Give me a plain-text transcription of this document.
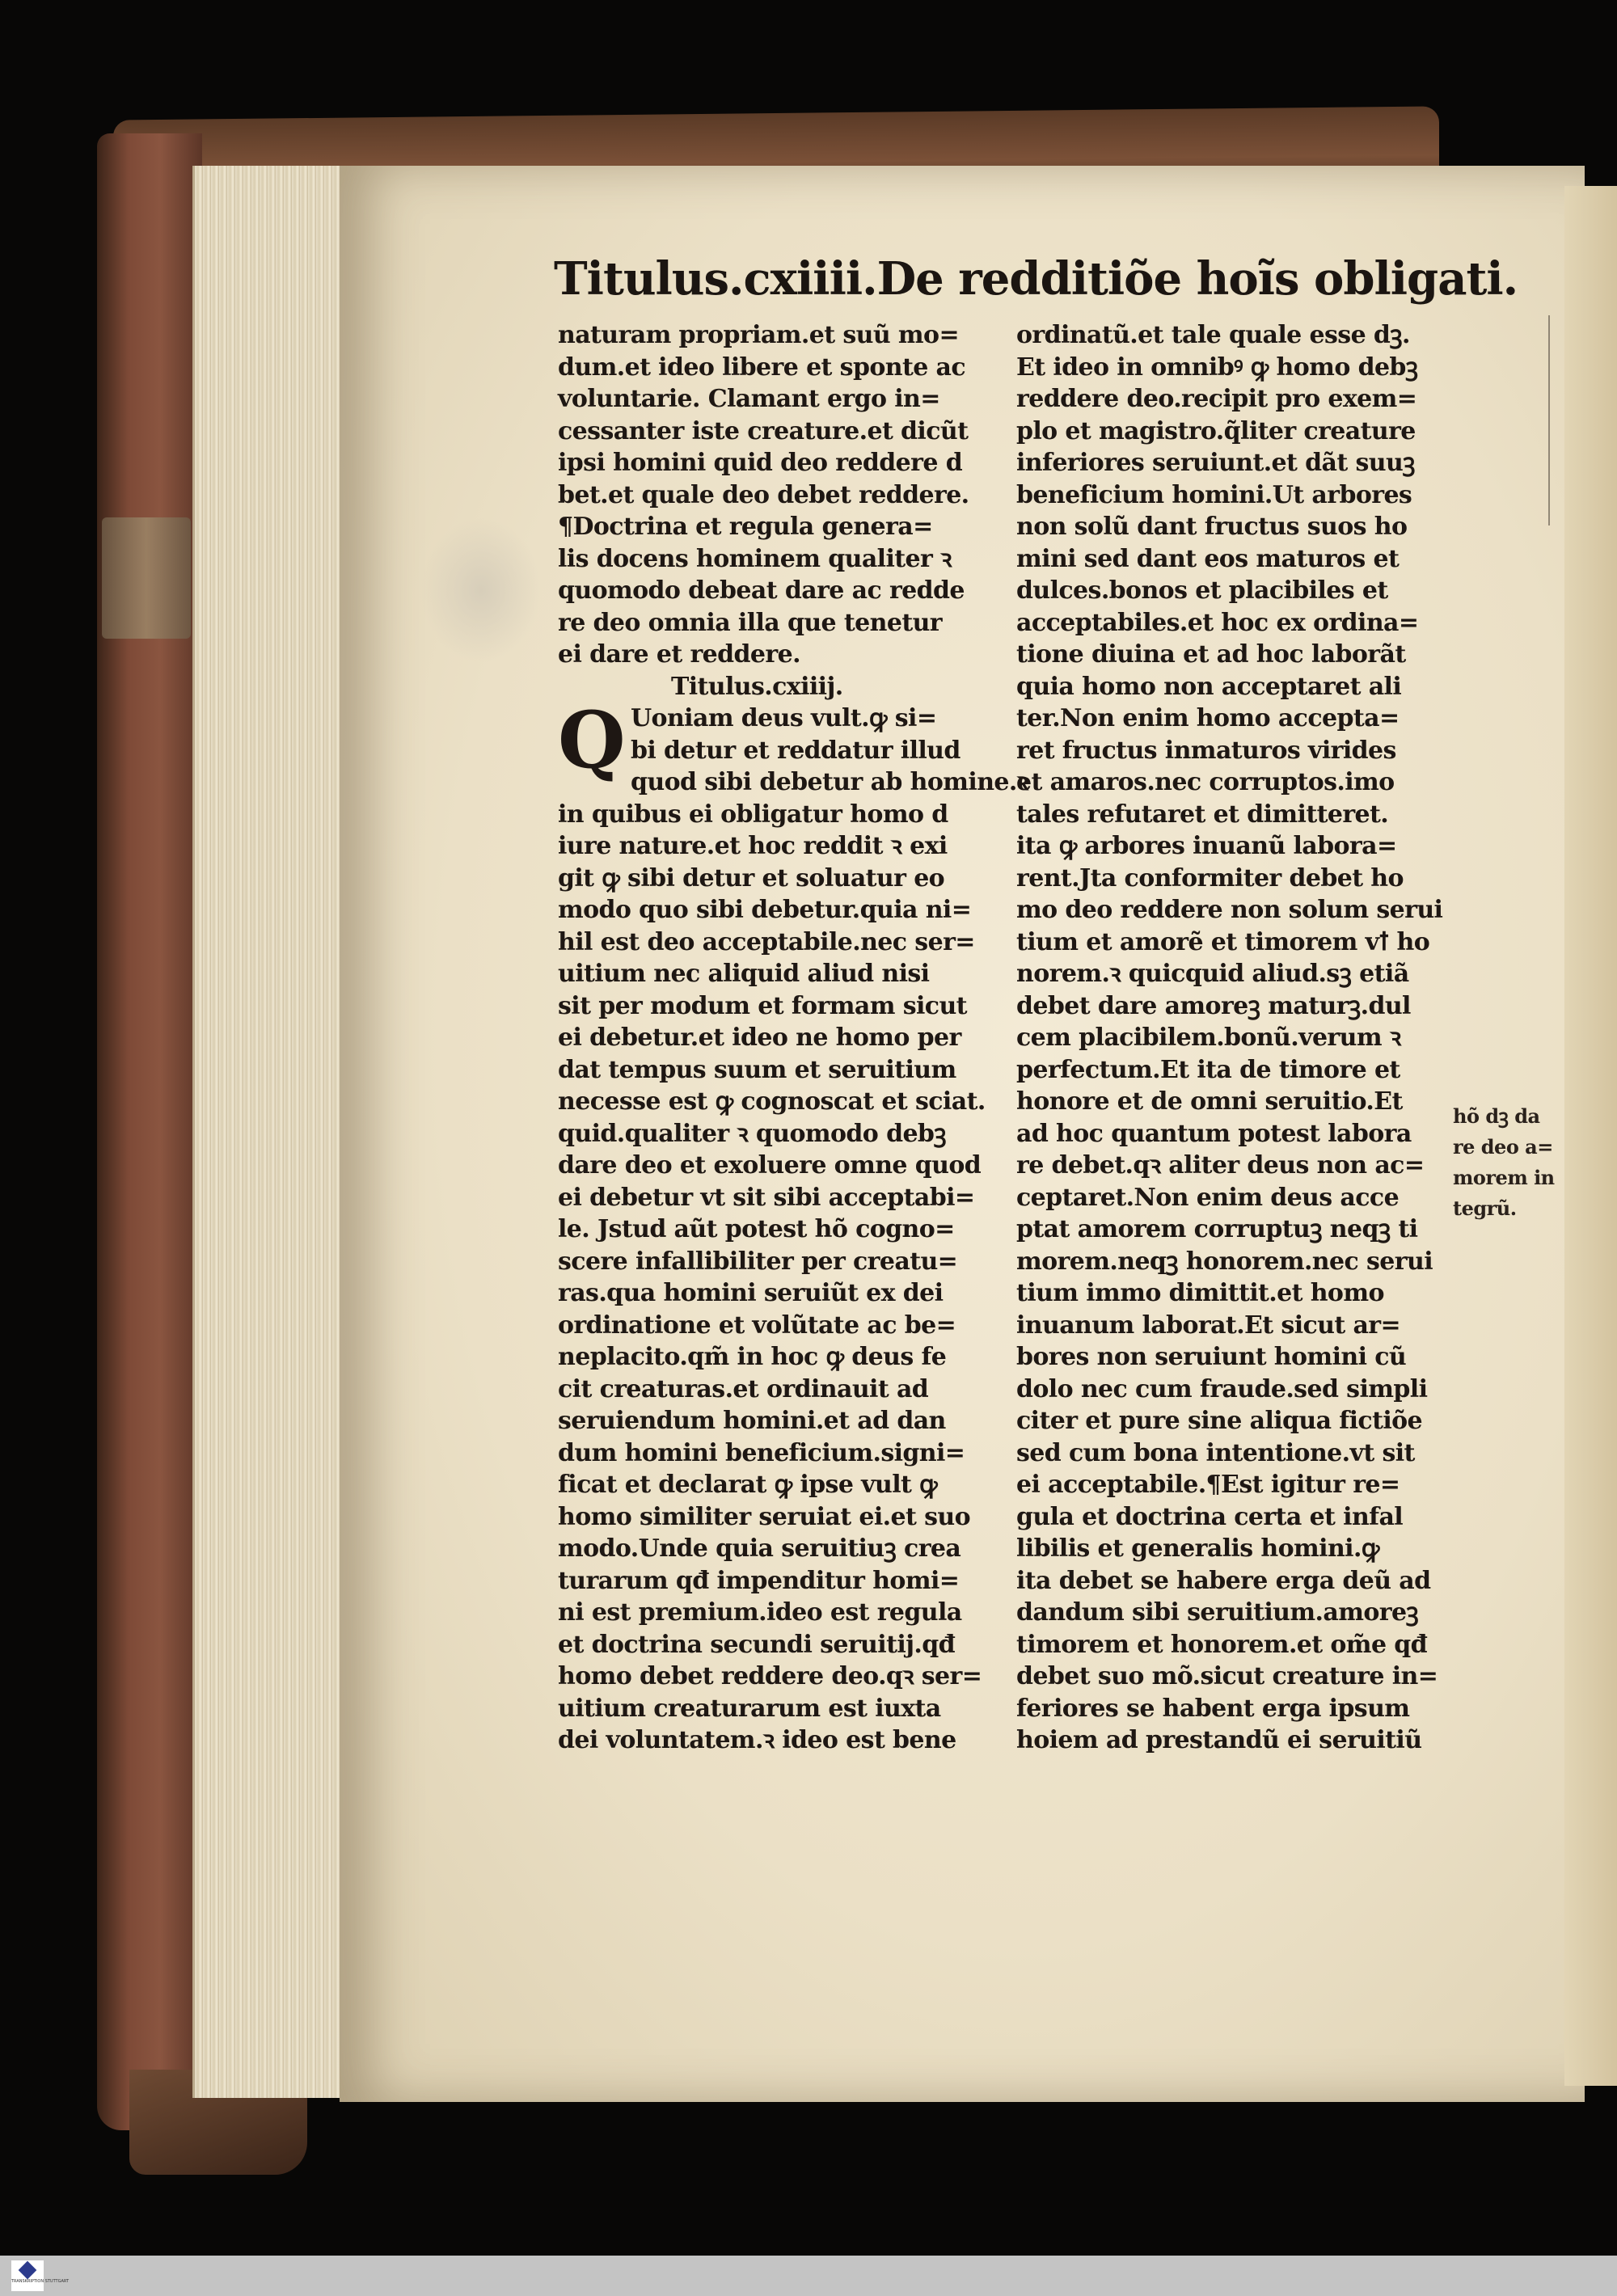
Titulus.cxiiii.De redditiõe hoĩs obligati.
Q
naturam propriam.et suũ mo=
dum.et ideo libere et sponte ac
voluntarie. Clamant ergo in=
cessanter iste creature.et dicũt
ipsi homini quid deo reddere d
bet.et quale deo debet reddere.
¶Doctrina et regula genera=
lis docens hominem qualiter ꝛ
quomodo debeat dare ac redde
re deo omnia illa que tenetur
ei dare et reddere.
Titulus.cxiiij.
Uoniam deus vult.ꝙ si=
bi detur et reddatur illud
quod sibi debetur ab homine.ꝛ
in quibus ei obligatur homo d
iure nature.et hoc reddit ꝛ exi
git ꝙ sibi detur et soluatur eo
modo quo sibi debetur.quia ni=
hil est deo acceptabile.nec ser=
uitium nec aliquid aliud nisi
sit per modum et formam sicut
ei debetur.et ideo ne homo per
dat tempus suum et seruitium
necesse est ꝙ cognoscat et sciat.
quid.qualiter ꝛ quomodo debꝫ
dare deo et exoluere omne quod
ei debetur vt sit sibi acceptabi=
le. Jstud aũt potest hõ cogno=
scere infallibiliter per creatu=
ras.qua homini seruiũt ex dei
ordinatione et volũtate ac be=
neplacito.qm̃ in hoc ꝙ deus fe
cit creaturas.et ordinauit ad
seruiendum homini.et ad dan
dum homini beneficium.signi=
ficat et declarat ꝙ ipse vult ꝙ
homo similiter seruiat ei.et suo
modo.Unde quia seruitiuꝫ crea
turarum qđ impenditur homi=
ni est premium.ideo est regula
et doctrina secundi seruitij.qđ
homo debet reddere deo.qꝛ ser=
uitium creaturarum est iuxta
dei voluntatem.ꝛ ideo est bene
ordinatũ.et tale quale esse dꝫ.
Et ideo in omnibꝰ ꝙ homo debꝫ
reddere deo.recipit pro exem=
plo et magistro.q̃liter creature
inferiores seruiunt.et dãt suuꝫ
beneficium homini.Ut arbores
non solũ dant fructus suos ho
mini sed dant eos maturos et
dulces.bonos et placibiles et
acceptabiles.et hoc ex ordina=
tione diuina et ad hoc laborãt
quia homo non acceptaret ali
ter.Non enim homo accepta=
ret fructus inmaturos virides
et amaros.nec corruptos.imo
tales refutaret et dimitteret.
ita ꝙ arbores inuanũ labora=
rent.Jta conformiter debet ho
mo deo reddere non solum serui
tium et amorẽ et timorem vꝉ ho
norem.ꝛ quicquid aliud.sꝫ etiã
debet dare amoreꝫ maturꝫ.dul
cem placibilem.bonũ.verum ꝛ
perfectum.Et ita de timore et
honore et de omni seruitio.Et
ad hoc quantum potest labora
re debet.qꝛ aliter deus non ac=
ceptaret.Non enim deus acce
ptat amorem corruptuꝫ neqꝫ ti
morem.neqꝫ honorem.nec serui
tium immo dimittit.et homo
inuanum laborat.Et sicut ar=
bores non seruiunt homini cũ
dolo nec cum fraude.sed simpli
citer et pure sine aliqua fictiõe
sed cum bona intentione.vt sit
ei acceptabile.¶Est igitur re=
gula et doctrina certa et infal
libilis et generalis homini.ꝙ
ita debet se habere erga deũ ad
dandum sibi seruitium.amoreꝫ
timorem et honorem.et om̃e qđ
debet suo mõ.sicut creature in=
feriores se habent erga ipsum
hoiem ad prestandũ ei seruitiũ
hõ dꝫ da
re deo a=
morem in
tegrũ.
TRANSKRIPTION STUTTGART
